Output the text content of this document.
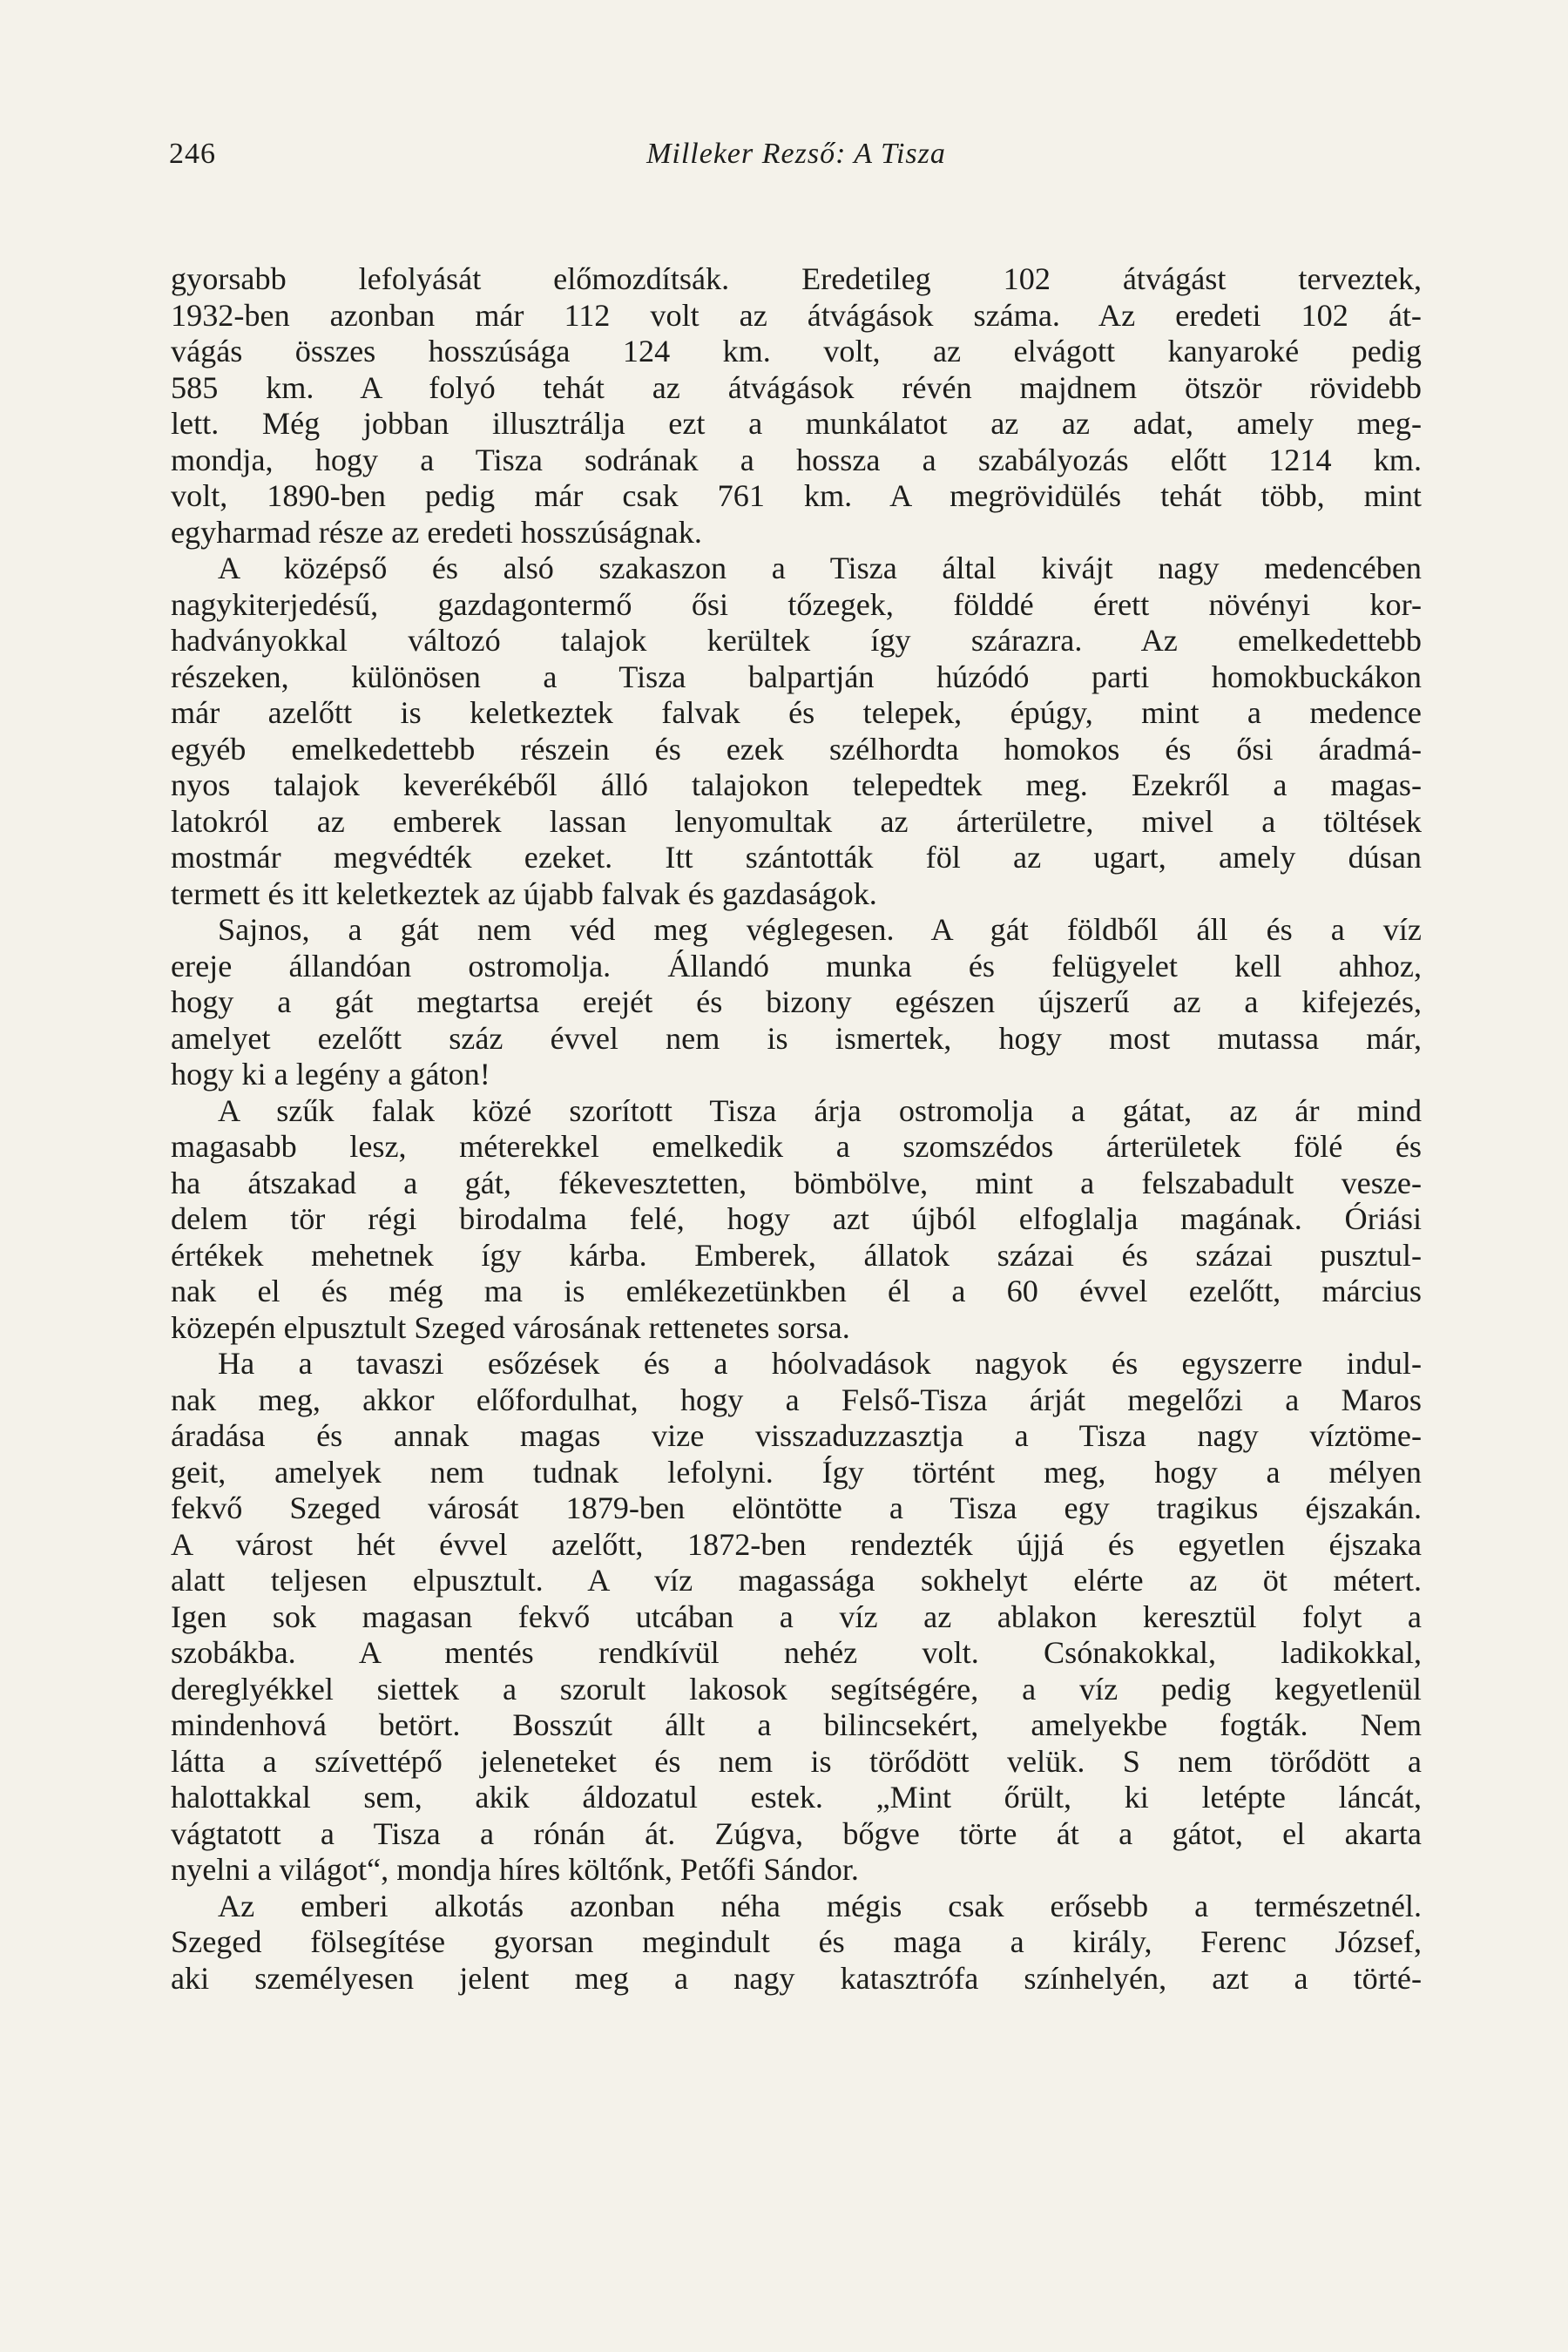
246	Milleker Rezső: A Tisza
gyorsabb lefolyását előmozdítsák. Eredetileg 102 átvágást terveztek,
1932-ben azonban már 112 volt az átvágások száma. Az eredeti 102 át-
vágás összes hosszúsága 124 km. volt, az elvágott kanyaroké pedig
585 km. A folyó tehát az átvágások révén majdnem ötször rövidebb
lett. Még jobban illusztrálja ezt a munkálatot az az adat, amely meg-
mondja, hogy a Tisza sodrának a hossza a szabályozás előtt 1214 km.
volt, 1890-ben pedig már csak 761 km. A megrövidülés tehát több, mint
egyharmad része az eredeti hosszúságnak.
A középső és alsó szakaszon a Tisza által kivájt nagy medencében
nagykiterjedésű, gazdagontermő ősi tőzegek, földdé érett növényi kor-
hadványokkal változó talajok kerültek így szárazra. Az emelkedettebb
részeken, különösen a Tisza balpartján húzódó parti homokbuckákon
már azelőtt is keletkeztek falvak és telepek, épúgy, mint a medence
egyéb emelkedettebb részein és ezek szélhordta homokos és ősi áradmá-
nyos talajok keverékéből álló talajokon telepedtek meg. Ezekről a magas-
latokról az emberek lassan lenyomultak az árterületre, mivel a töltések
mostmár megvédték ezeket. Itt szántották föl az ugart, amely dúsan
termett és itt keletkeztek az újabb falvak és gazdaságok.
Sajnos, a gát nem véd meg véglegesen. A gát földből áll és a víz
ereje állandóan ostromolja. Állandó munka és felügyelet kell ahhoz,
hogy a gát megtartsa erejét és bizony egészen újszerű az a kifejezés,
amelyet ezelőtt száz évvel nem is ismertek, hogy most mutassa már,
hogy ki a legény a gáton!
A szűk falak közé szorított Tisza árja ostromolja a gátat, az ár mind
magasabb lesz, méterekkel emelkedik a szomszédos árterületek fölé és
ha átszakad a gát, fékevesztetten, bömbölve, mint a felszabadult vesze-
delem tör régi birodalma felé, hogy azt újból elfoglalja magának. Óriási
értékek mehetnek így kárba. Emberek, állatok százai és százai pusztul-
nak el és még ma is emlékezetünkben él a 60 évvel ezelőtt, március
közepén elpusztult Szeged városának rettenetes sorsa.
Ha a tavaszi esőzések és a hóolvadások nagyok és egyszerre indul-
nak meg, akkor előfordulhat, hogy a Felső-Tisza árját megelőzi a Maros
áradása és annak magas vize visszaduzzasztja a Tisza nagy víztöme-
geit, amelyek nem tudnak lefolyni. Így történt meg, hogy a mélyen
fekvő Szeged városát 1879-ben elöntötte a Tisza egy tragikus éjszakán.
A várost hét évvel azelőtt, 1872-ben rendezték újjá és egyetlen éjszaka
alatt teljesen elpusztult. A víz magassága sokhelyt elérte az öt métert.
Igen sok magasan fekvő utcában a víz az ablakon keresztül folyt a
szobákba. A mentés rendkívül nehéz volt. Csónakokkal, ladikokkal,
dereglyékkel siettek a szorult lakosok segítségére, a víz pedig kegyetlenül
mindenhová betört. Bosszút állt a bilincsekért, amelyekbe fogták. Nem
látta a szívettépő jeleneteket és nem is törődött velük. S nem törődött a
halottakkal sem, akik áldozatul estek. „Mint őrült, ki letépte láncát,
vágtatott a Tisza a rónán át. Zúgva, bőgve törte át a gátot, el akarta
nyelni a világot“, mondja híres költőnk, Petőfi Sándor.
Az emberi alkotás azonban néha mégis csak erősebb a természetnél.
Szeged fölsegítése gyorsan megindult és maga a király, Ferenc József,
aki személyesen jelent meg a nagy katasztrófa színhelyén, azt a törté-
